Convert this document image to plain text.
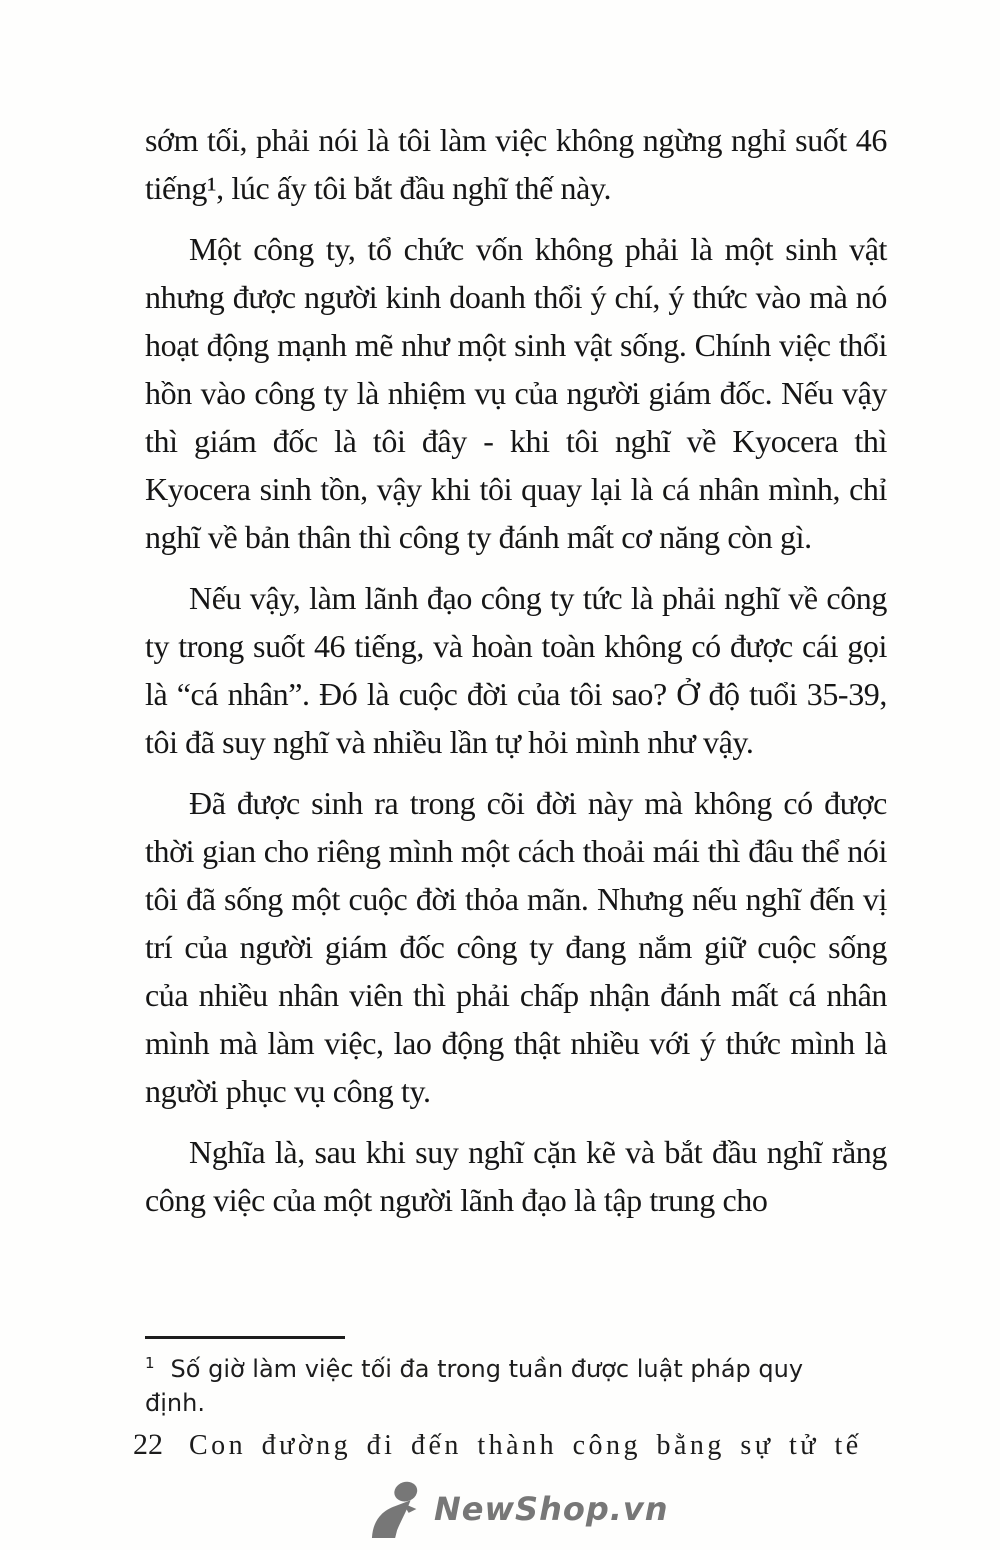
sớm tối, phải nói là tôi làm việc không ngừng nghỉ suốt 46 tiếng¹, lúc ấy tôi bắt đầu nghĩ thế này.

Một công ty, tổ chức vốn không phải là một sinh vật nhưng được người kinh doanh thổi ý chí, ý thức vào mà nó hoạt động mạnh mẽ như một sinh vật sống. Chính việc thổi hồn vào công ty là nhiệm vụ của người giám đốc. Nếu vậy thì giám đốc là tôi đây - khi tôi nghĩ về Kyocera thì Kyocera sinh tồn, vậy khi tôi quay lại là cá nhân mình, chỉ nghĩ về bản thân thì công ty đánh mất cơ năng còn gì.

Nếu vậy, làm lãnh đạo công ty tức là phải nghĩ về công ty trong suốt 46 tiếng, và hoàn toàn không có được cái gọi là “cá nhân”. Đó là cuộc đời của tôi sao? Ở độ tuổi 35-39, tôi đã suy nghĩ và nhiều lần tự hỏi mình như vậy.

Đã được sinh ra trong cõi đời này mà không có được thời gian cho riêng mình một cách thoải mái thì đâu thể nói tôi đã sống một cuộc đời thỏa mãn. Nhưng nếu nghĩ đến vị trí của người giám đốc công ty đang nắm giữ cuộc sống của nhiều nhân viên thì phải chấp nhận đánh mất cá nhân mình mà làm việc, lao động thật nhiều với ý thức mình là người phục vụ công ty.

Nghĩa là, sau khi suy nghĩ cặn kẽ và bắt đầu nghĩ rằng công việc của một người lãnh đạo là tập trung cho

$^1$ Số giờ làm việc tối đa trong tuần được luật pháp quy định.
22 Con đường đi đến thành công bằng sự tử tế
NewShop.vn
